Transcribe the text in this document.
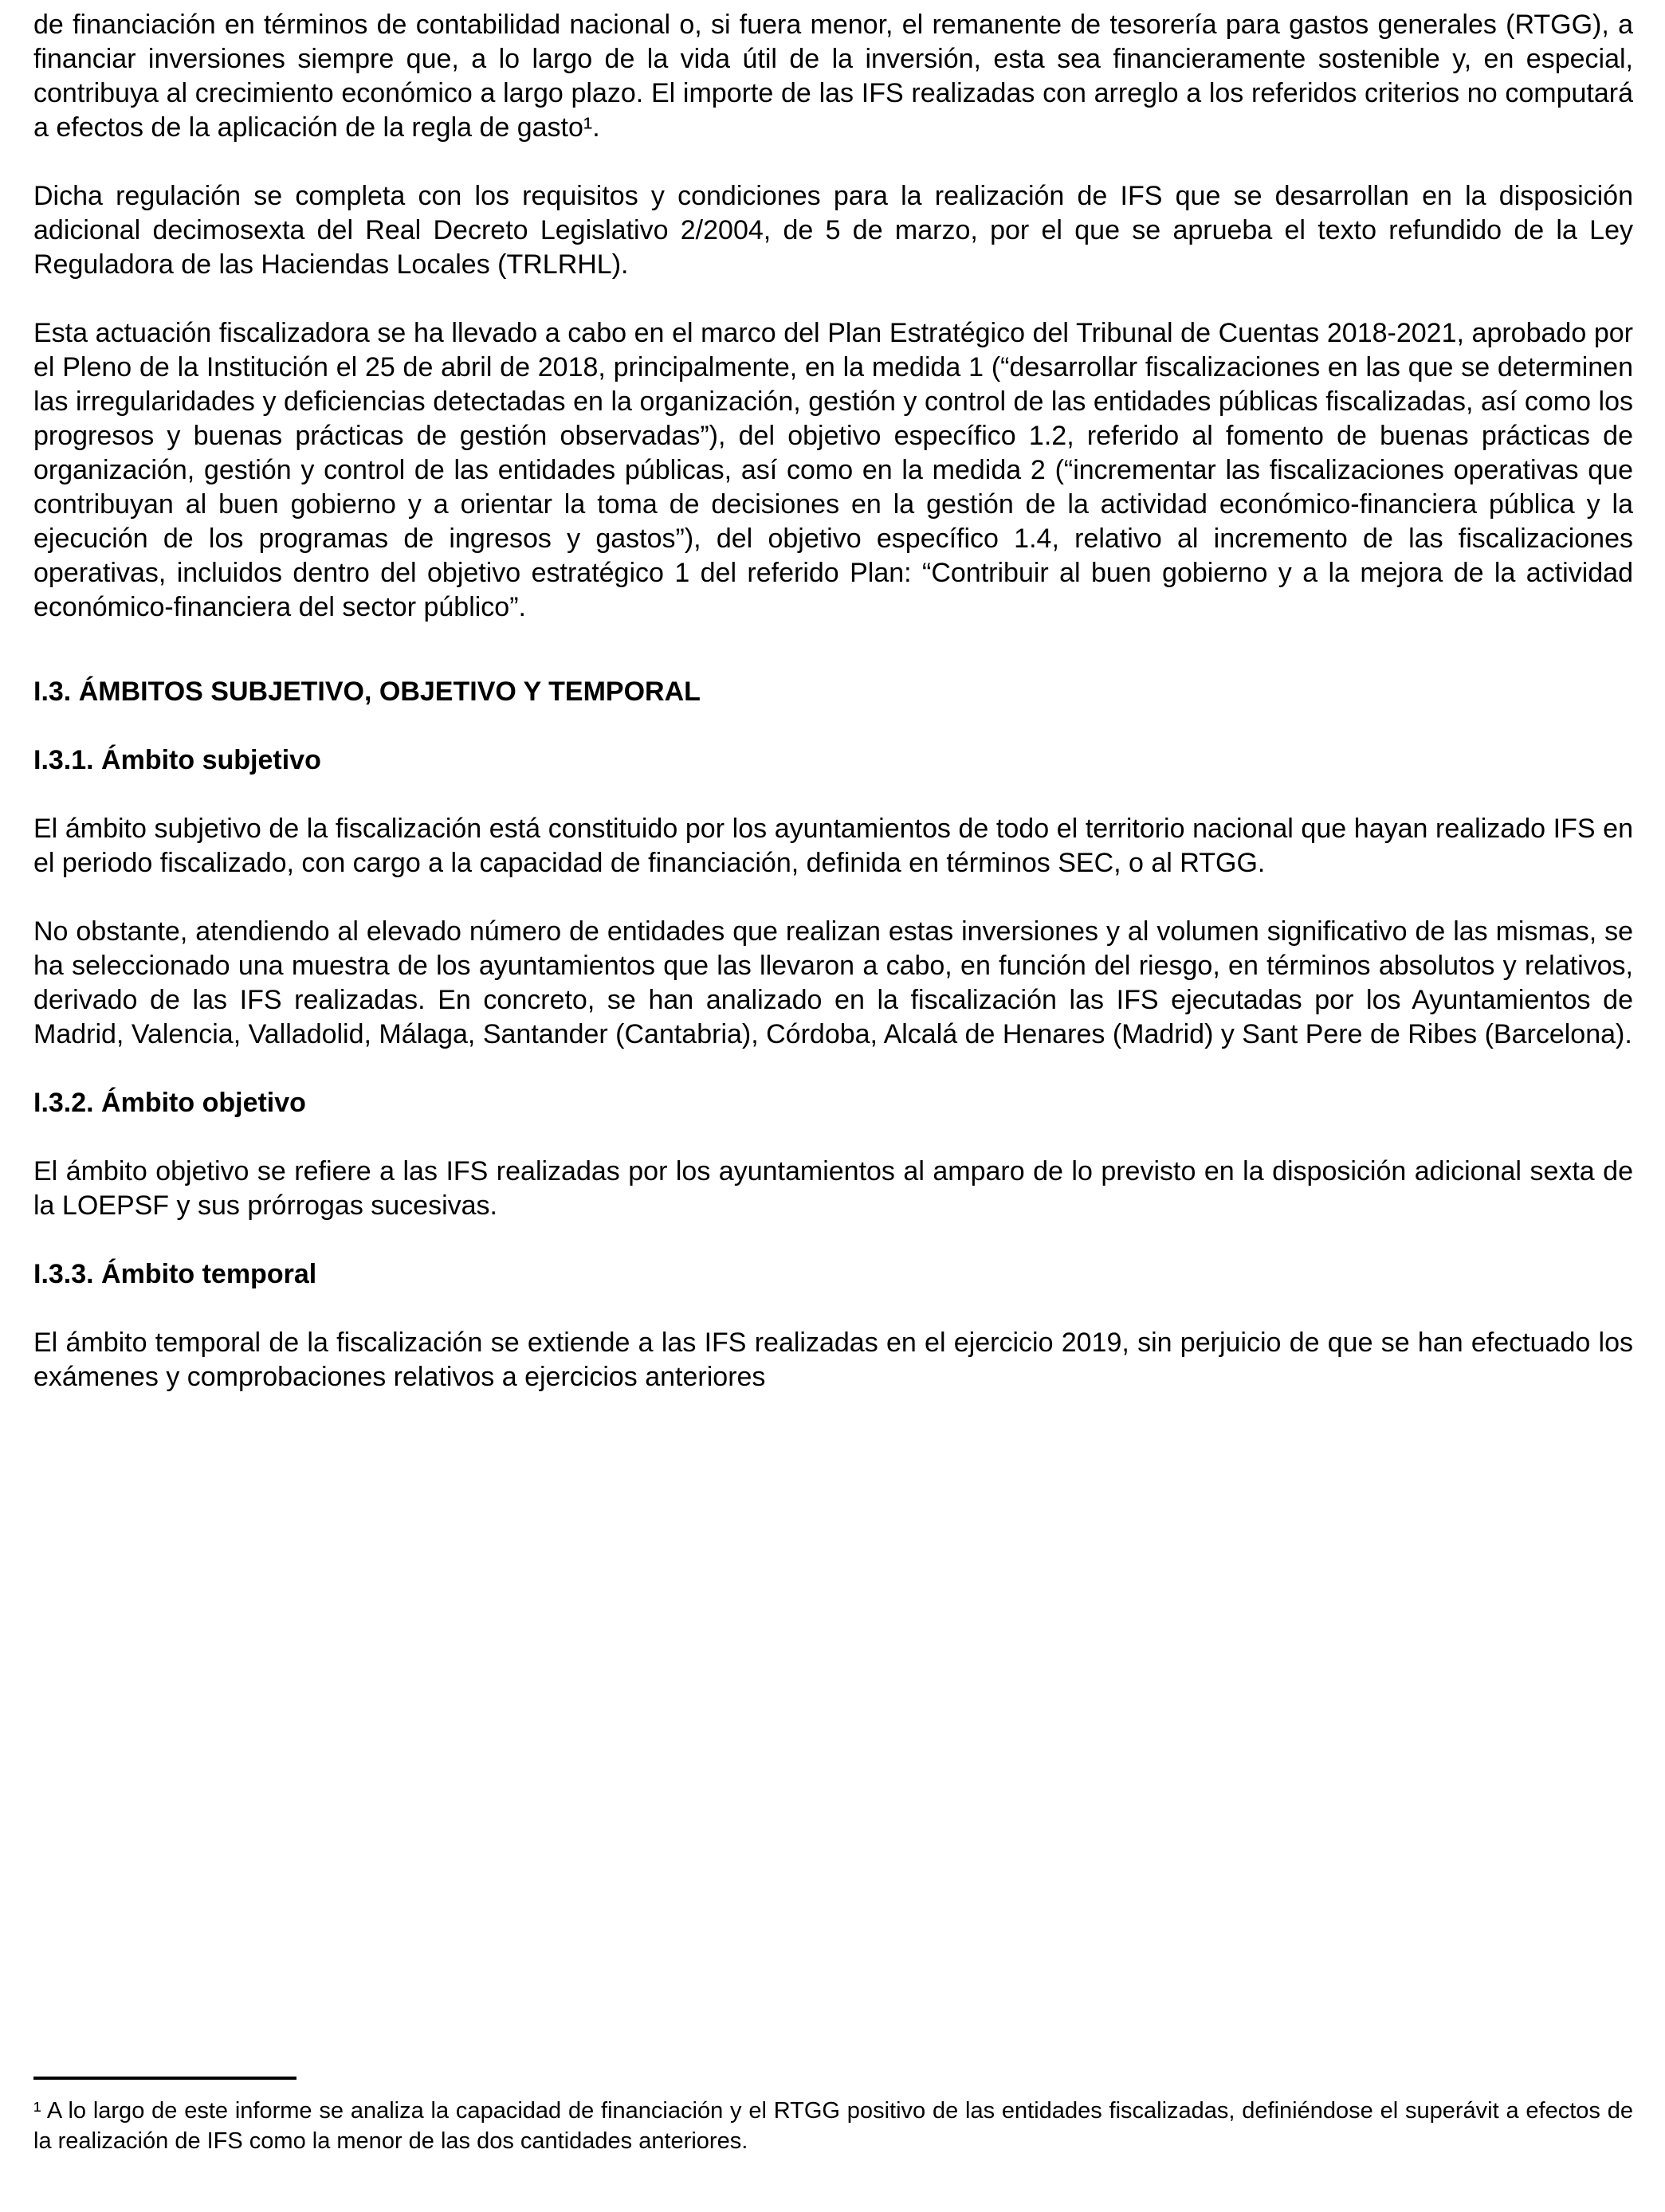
de financiación en términos de contabilidad nacional o, si fuera menor, el remanente de tesorería para gastos generales (RTGG), a financiar inversiones siempre que, a lo largo de la vida útil de la inversión, esta sea financieramente sostenible y, en especial, contribuya al crecimiento económico a largo plazo. El importe de las IFS realizadas con arreglo a los referidos criterios no computará a efectos de la aplicación de la regla de gasto¹.

Dicha regulación se completa con los requisitos y condiciones para la realización de IFS que se desarrollan en la disposición adicional decimosexta del Real Decreto Legislativo 2/2004, de 5 de marzo, por el que se aprueba el texto refundido de la Ley Reguladora de las Haciendas Locales (TRLRHL).

Esta actuación fiscalizadora se ha llevado a cabo en el marco del Plan Estratégico del Tribunal de Cuentas 2018-2021, aprobado por el Pleno de la Institución el 25 de abril de 2018, principalmente, en la medida 1 (“desarrollar fiscalizaciones en las que se determinen las irregularidades y deficiencias detectadas en la organización, gestión y control de las entidades públicas fiscalizadas, así como los progresos y buenas prácticas de gestión observadas”), del objetivo específico 1.2, referido al fomento de buenas prácticas de organización, gestión y control de las entidades públicas, así como en la medida 2 (“incrementar las fiscalizaciones operativas que contribuyan al buen gobierno y a orientar la toma de decisiones en la gestión de la actividad económico-financiera pública y la ejecución de los programas de ingresos y gastos”), del objetivo específico 1.4, relativo al incremento de las fiscalizaciones operativas, incluidos dentro del objetivo estratégico 1 del referido Plan: “Contribuir al buen gobierno y a la mejora de la actividad económico-financiera del sector público”.

I.3. ÁMBITOS SUBJETIVO, OBJETIVO Y TEMPORAL
I.3.1. Ámbito subjetivo

El ámbito subjetivo de la fiscalización está constituido por los ayuntamientos de todo el territorio nacional que hayan realizado IFS en el periodo fiscalizado, con cargo a la capacidad de financiación, definida en términos SEC, o al RTGG.

No obstante, atendiendo al elevado número de entidades que realizan estas inversiones y al volumen significativo de las mismas, se ha seleccionado una muestra de los ayuntamientos que las llevaron a cabo, en función del riesgo, en términos absolutos y relativos, derivado de las IFS realizadas. En concreto, se han analizado en la fiscalización las IFS ejecutadas por los Ayuntamientos de Madrid, Valencia, Valladolid, Málaga, Santander (Cantabria), Córdoba, Alcalá de Henares (Madrid) y Sant Pere de Ribes (Barcelona).

I.3.2. Ámbito objetivo

El ámbito objetivo se refiere a las IFS realizadas por los ayuntamientos al amparo de lo previsto en la disposición adicional sexta de la LOEPSF y sus prórrogas sucesivas.

I.3.3. Ámbito temporal

El ámbito temporal de la fiscalización se extiende a las IFS realizadas en el ejercicio 2019, sin perjuicio de que se han efectuado los exámenes y comprobaciones relativos a ejercicios anteriores

¹ A lo largo de este informe se analiza la capacidad de financiación y el RTGG positivo de las entidades fiscalizadas, definiéndose el superávit a efectos de la realización de IFS como la menor de las dos cantidades anteriores.
